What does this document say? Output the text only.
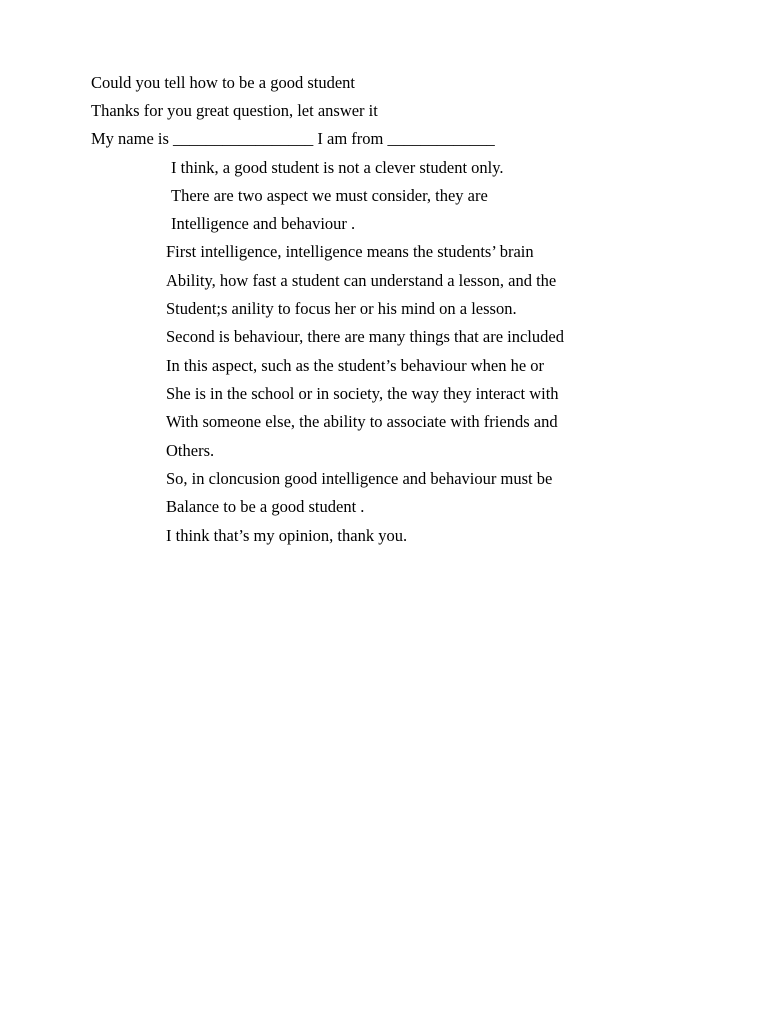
Could you tell how to be a good student
Thanks for you great question, let answer it
My name is _________________ I am from _____________
I think, a good student is not a clever student only.
There are two aspect we must consider, they are
Intelligence and behaviour .
First intelligence, intelligence means the students’ brain
Ability, how fast a student can understand a lesson, and the
Student;s anility to focus her or his mind on a lesson.
Second is behaviour, there are many things that are included
In this aspect, such as the student’s behaviour when he or
She is in the school or in society, the way they interact with
With someone else, the ability to associate with friends and
Others.
So, in cloncusion good intelligence and behaviour must be
Balance to be a good student .
I think that’s my opinion, thank you.
